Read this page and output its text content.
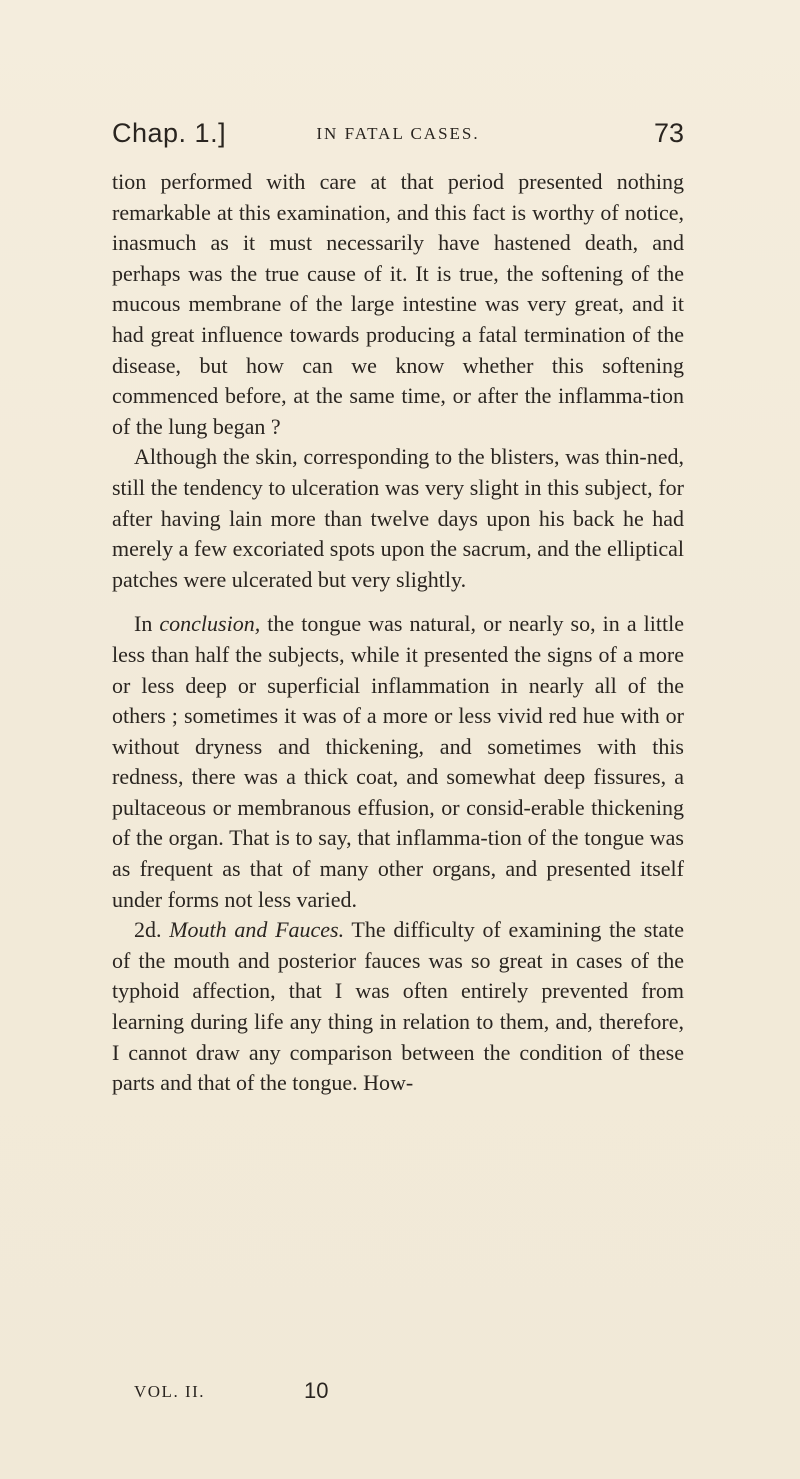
Chap. 1.]	IN FATAL CASES.	73

tion performed with care at that period presented nothing remarkable at this examination, and this fact is worthy of notice, inasmuch as it must necessarily have hastened death, and perhaps was the true cause of it. It is true, the softening of the mucous membrane of the large intestine was very great, and it had great influence towards producing a fatal termination of the disease, but how can we know whether this softening commenced before, at the same time, or after the inflamma-tion of the lung began ?

Although the skin, corresponding to the blisters, was thin-ned, still the tendency to ulceration was very slight in this subject, for after having lain more than twelve days upon his back he had merely a few excoriated spots upon the sacrum, and the elliptical patches were ulcerated but very slightly.

In conclusion, the tongue was natural, or nearly so, in a little less than half the subjects, while it presented the signs of a more or less deep or superficial inflammation in nearly all of the others ; sometimes it was of a more or less vivid red hue with or without dryness and thickening, and sometimes with this redness, there was a thick coat, and somewhat deep fissures, a pultaceous or membranous effusion, or consid-erable thickening of the organ. That is to say, that inflamma-tion of the tongue was as frequent as that of many other organs, and presented itself under forms not less varied.

2d. Mouth and Fauces. The difficulty of examining the state of the mouth and posterior fauces was so great in cases of the typhoid affection, that I was often entirely prevented from learning during life any thing in relation to them, and, therefore, I cannot draw any comparison between the condition of these parts and that of the tongue. How-

VOL. II.	10
